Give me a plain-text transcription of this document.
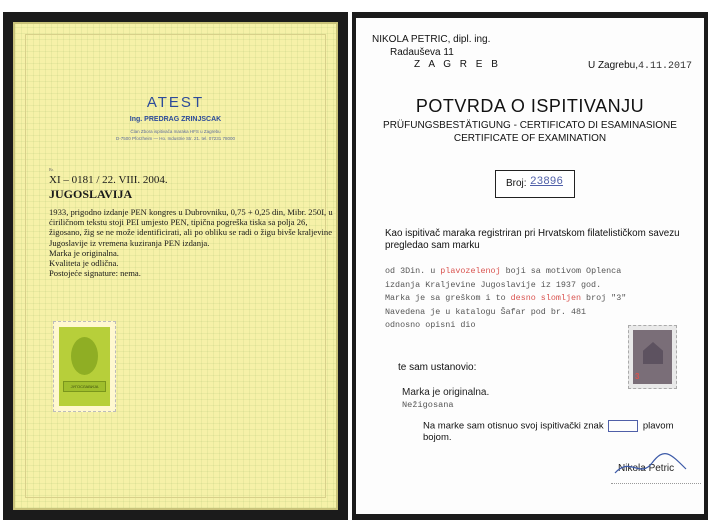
ATEST
Ing. PREDRAG ZRINJSCAK
Član Zbora ispitivača maraka HFS u Zagrebu
D-7500 Pforzheim — Ho. Industrie Str. 21. tel. 07231 78000
Br.
XI – 0181 / 22. VIII. 2004.
JUGOSLAVIJA
1933, prigodno izdanje PEN kongres u Dubrovniku, 0,75 + 0,25 din, Mibr. 250I, u ćiriličnom tekstu stoji PEI umjesto PEN, tipična pogreška tiska sa polja 26, žigosano, žig se ne može identificirati, ali po obliku se radi o žigu bivše kraljevine Jugoslavije iz vremena kuziranja PEN izdanja.
Marka je originalna.
Kvaliteta je odlična.
Postojeće signature: nema.
ЈУГОСЛАВИЈА
NIKOLA PETRIC, dipl. ing.
Radauševa 11
Z A G R E B	U Zagrebu,4.11.2017
POTVRDA O ISPITIVANJU
PRÜFUNGSBESTÄTIGUNG - CERTIFICATO DI ESAMINASIONE
CERTIFICATE OF EXAMINATION
Broj: 23896
Kao ispitivač maraka registriran pri Hrvatskom filatelističkom savezu pregledao sam marku
od 3Din. u plavozelenoj boji sa motivom Oplenca
izdanja Kraljevine Jugoslavije iz 1937 god.
Marka je sa greškom i to desno slomljen broj "3"
Navedena je u katalogu Šafar pod br. 481
odnosno opisni dio
3
te sam ustanovio:
Marka je originalna.
Nežigosana
Na marke sam otisnuo svoj ispitivački znak	plavom bojom.
Nikola Petric
